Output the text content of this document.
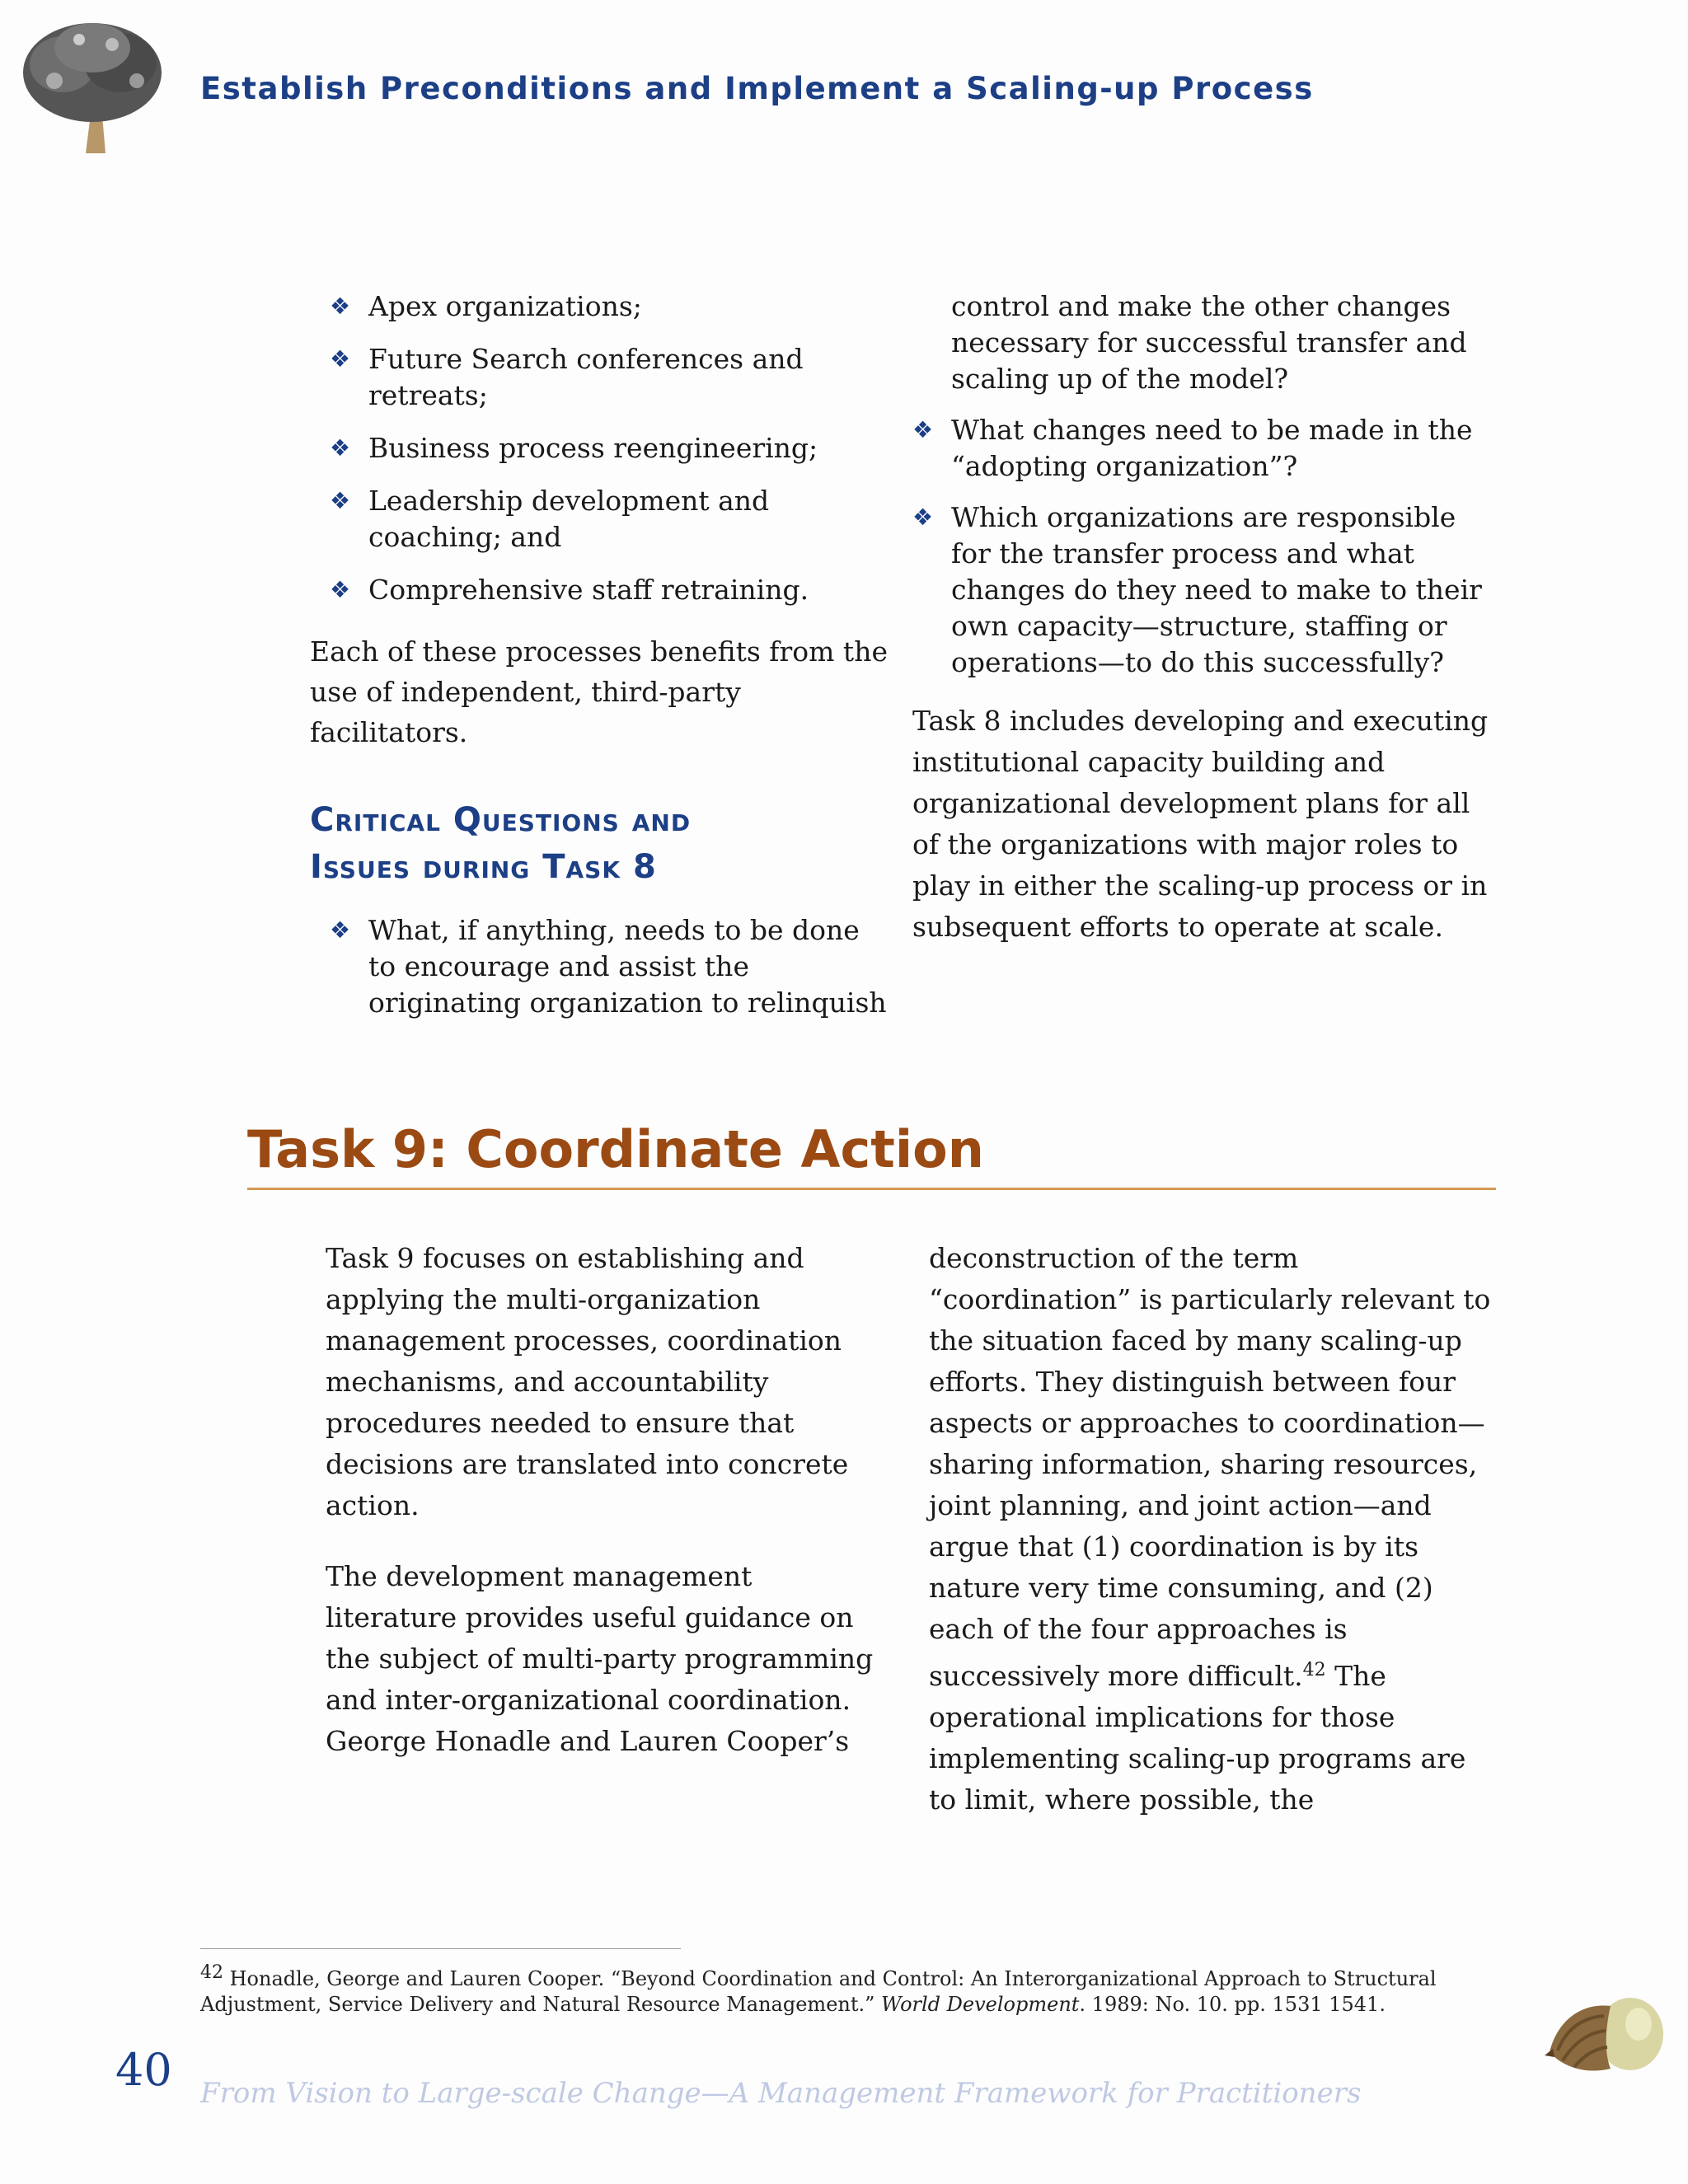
Establish Preconditions and Implement a Scaling-up Process
❖ Apex organizations;
❖ Future Search conferences and retreats;
❖ Business process reengineering;
❖ Leadership development and coaching; and
❖ Comprehensive staff retraining.

Each of these processes benefits from the use of independent, third-party facilitators.

Critical Questions and
Issues during Task 8
❖ What, if anything, needs to be done to encourage and assist the originating organization to relinquish
control and make the other changes necessary for successful transfer and scaling up of the model?
❖ What changes need to be made in the “adopting organization”?
❖ Which organizations are responsible for the transfer process and what changes do they need to make to their own capacity—structure, staffing or operations—to do this successfully?

Task 8 includes developing and executing institutional capacity building and organizational development plans for all of the organizations with major roles to play in either the scaling-up process or in subsequent efforts to operate at scale.

Task 9: Coordinate Action

Task 9 focuses on establishing and applying the multi-organization management processes, coordination mechanisms, and accountability procedures needed to ensure that decisions are translated into concrete action.

The development management literature provides useful guidance on the subject of multi-party programming and inter-organizational coordination. George Honadle and Lauren Cooper’s

deconstruction of the term “coordination” is particularly relevant to the situation faced by many scaling-up efforts. They distinguish between four aspects or approaches to coordination—sharing information, sharing resources, joint planning, and joint action—and argue that (1) coordination is by its nature very time consuming, and (2) each of the four approaches is successively more difficult.$^{42}$ The operational implications for those implementing scaling-up programs are to limit, where possible, the

$^{42}$ Honadle, George and Lauren Cooper. “Beyond Coordination and Control: An Interorganizational Approach to Structural Adjustment, Service Delivery and Natural Resource Management.” World Development. 1989: No. 10. pp. 1531 1541.
40 From Vision to Large-scale Change—A Management Framework for Practitioners
